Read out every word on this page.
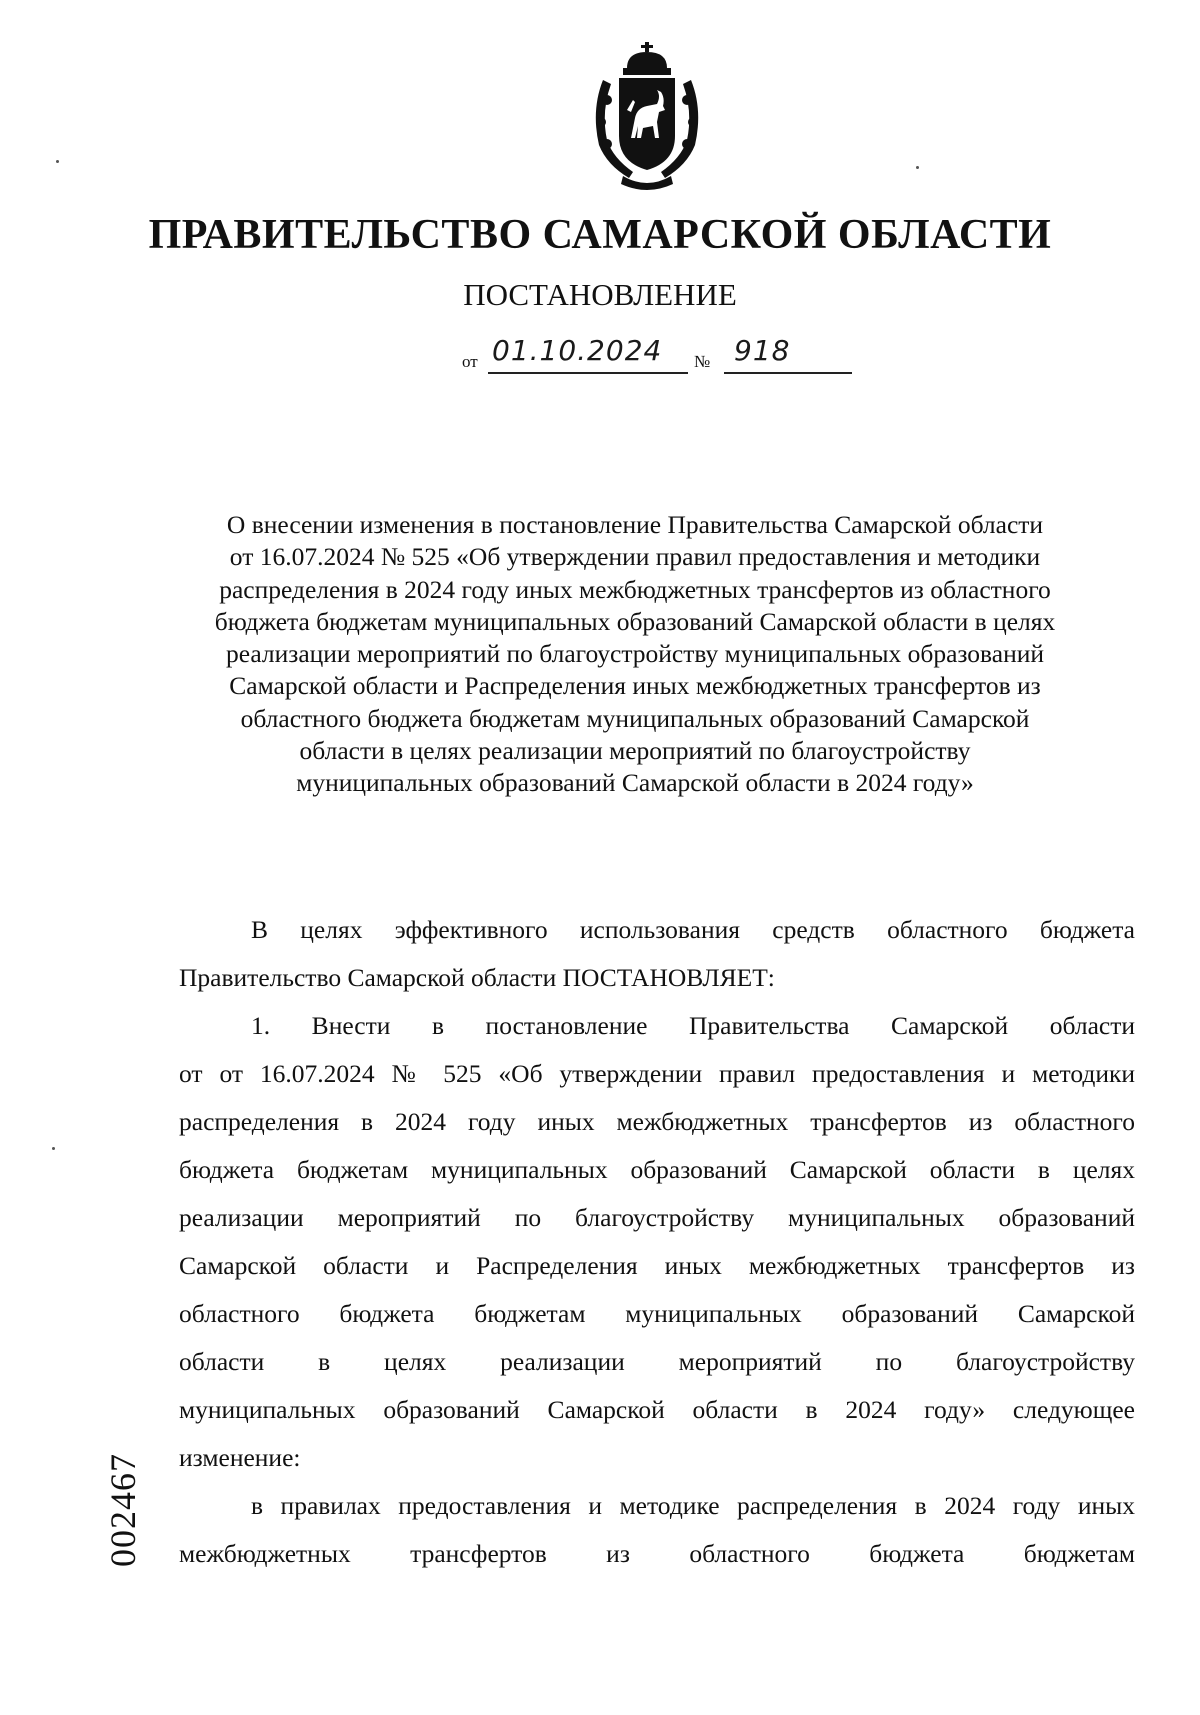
ПРАВИТЕЛЬСТВО САМАРСКОЙ ОБЛАСТИ
ПОСТАНОВЛЕНИЕ
от 01.10.2024 № 918
О внесении изменения в постановление Правительства Самарской области
от 16.07.2024 № 525 «Об утверждении правил предоставления и методики
распределения в 2024 году иных межбюджетных трансфертов из областного
бюджета бюджетам муниципальных образований Самарской области в целях
реализации мероприятий по благоустройству муниципальных образований
Самарской области и Распределения иных межбюджетных трансфертов из
областного бюджета бюджетам муниципальных образований Самарской
области в целях реализации мероприятий по благоустройству
муниципальных образований Самарской области в 2024 году»
В целях эффективного использования средств областного бюджета
Правительство Самарской области ПОСТАНОВЛЯЕТ:
1. Внести в постановление Правительства Самарской области
от от 16.07.2024 № 525 «Об утверждении правил предоставления и методики
распределения в 2024 году иных межбюджетных трансфертов из областного
бюджета бюджетам муниципальных образований Самарской области в целях
реализации мероприятий по благоустройству муниципальных образований
Самарской области и Распределения иных межбюджетных трансфертов из
областного бюджета бюджетам муниципальных образований Самарской
области в целях реализации мероприятий по благоустройству
муниципальных образований Самарской области в 2024 году» следующее
изменение:
в правилах предоставления и методике распределения в 2024 году иных
межбюджетных трансфертов из областного бюджета бюджетам
002467
